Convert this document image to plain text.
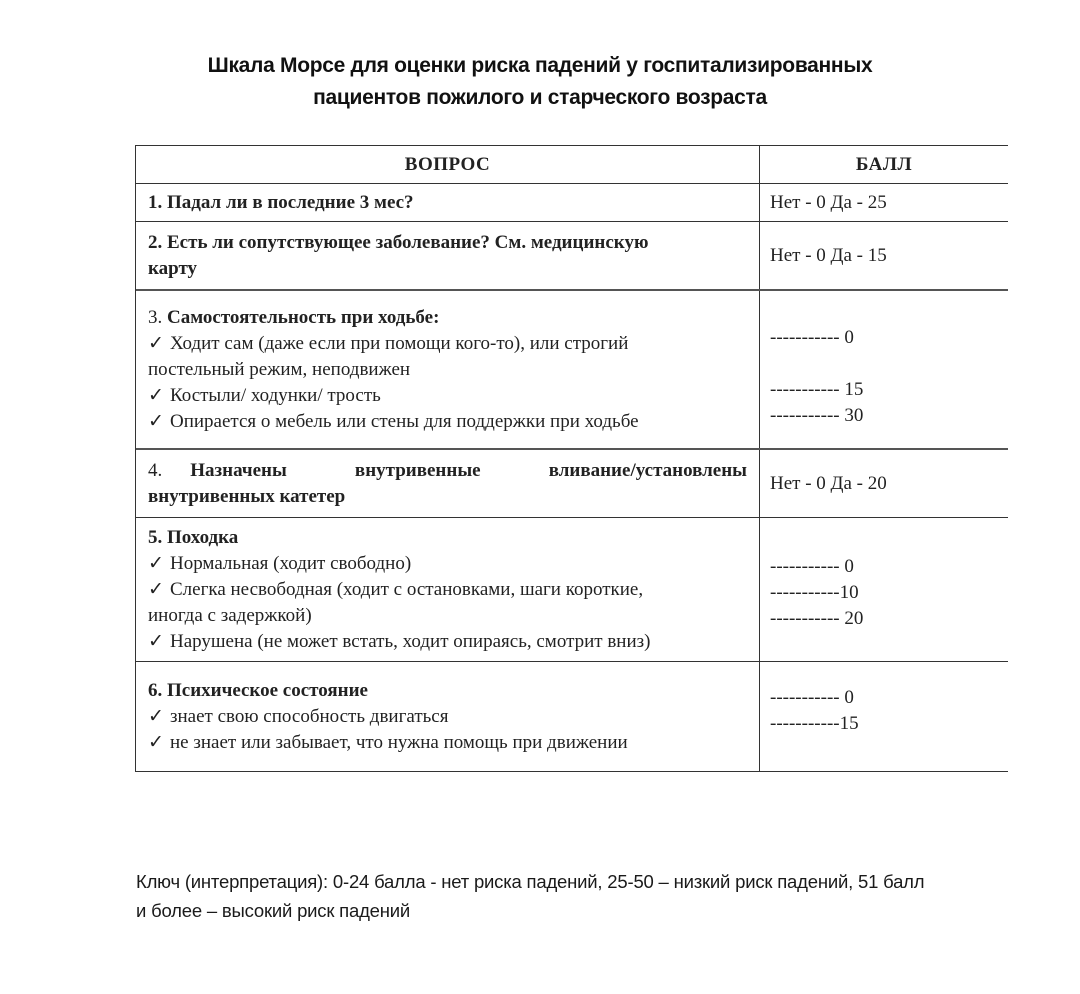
Шкала Морсе для оценки риска падений у госпитализированных
пациентов пожилого и старческого возраста
ВОПРОС	БАЛЛ
1. Падал ли в последние 3 мес?	Нет - 0 Да - 25
2. Есть ли сопутствующее заболевание? См. медицинскую
карту
Нет - 0 Да - 15
3. Самостоятельность при ходьбе:
✓ Ходит сам (даже если при помощи кого-то), или строгий
постельный режим, неподвижен
✓ Костыли/ ходунки/ трость
✓ Опирается о мебель или стены для поддержки при ходьбе
----------- 0
----------- 15
----------- 30
4. Назначены внутривенные вливание/установлены
внутривенных катетер
Нет - 0 Да - 20
5. Походка
✓ Нормальная (ходит свободно)
✓ Слегка несвободная (ходит с остановками, шаги короткие,
иногда с задержкой)
✓ Нарушена (не может встать, ходит опираясь, смотрит вниз)
----------- 0
-----------10
----------- 20
6. Психическое состояние
✓ знает свою способность двигаться
✓ не знает или забывает, что нужна помощь при движении
----------- 0
-----------15
Ключ (интерпретация): 0-24 балла - нет риска падений, 25-50 – низкий риск падений, 51 балл
и более – высокий риск падений
